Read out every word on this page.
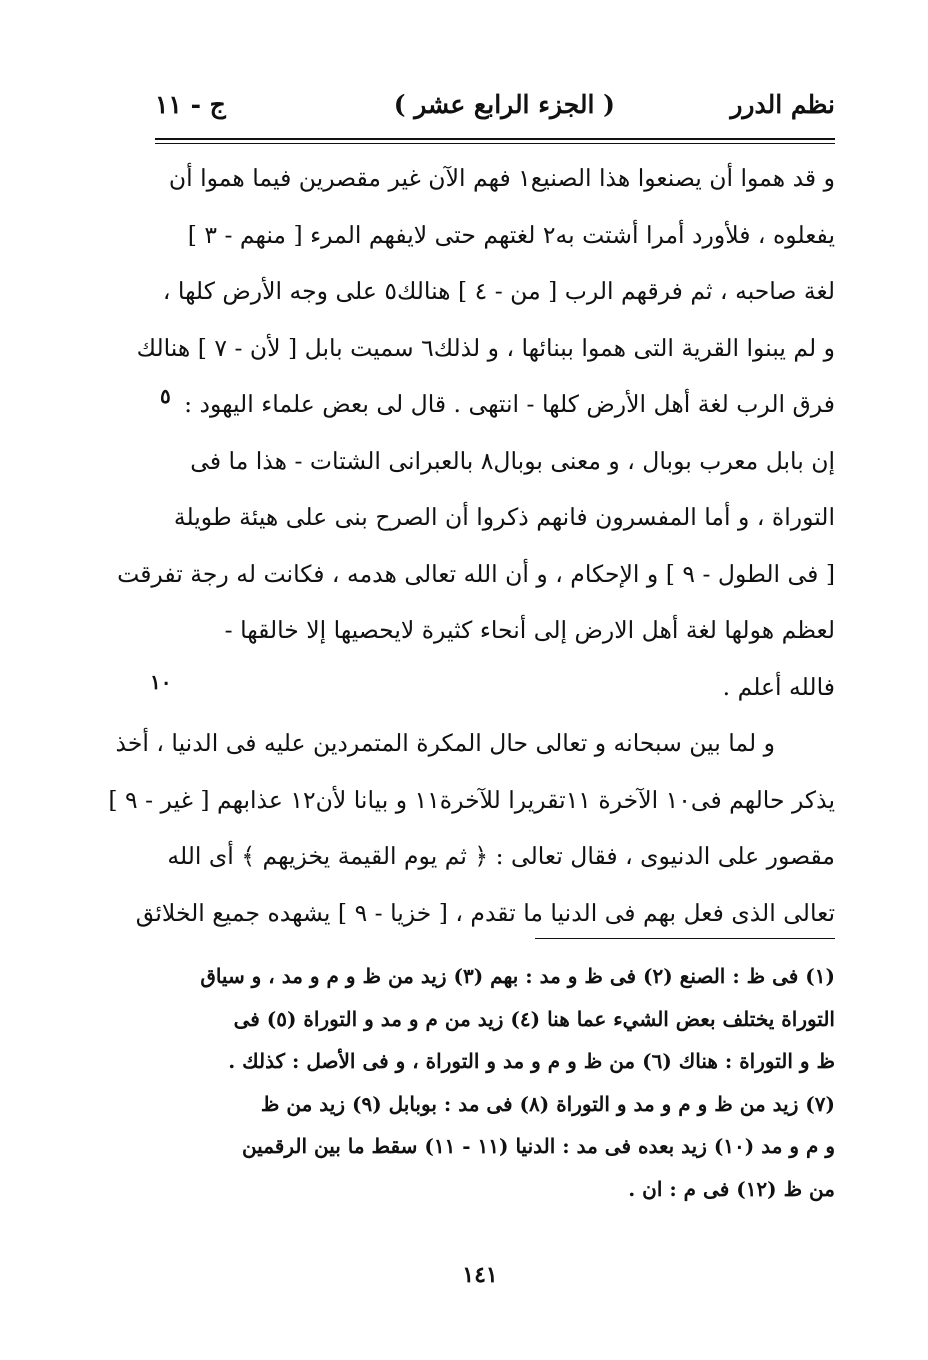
نظم الدرر
( الجزء الرابع عشر )
ج - ١١
و قد هموا أن يصنعوا هذا الصنيع١ فهم الآن غير مقصرين فيما هموا أن
يفعلوه ، فلأورد أمرا أشتت به٢ لغتهم حتى لايفهم المرء [ منهم - ٣ ]
لغة صاحبه ، ثم فرقهم الرب [ من - ٤ ] هنالك٥ على وجه الأرض كلها ،
و لم يبنوا القرية التى هموا ببنائها ، و لذلك٦ سميت بابل [ لأن - ٧ ] هنالك
فرق الرب لغة أهل الأرض كلها - انتهى . قال لى بعض علماء اليهود :
إن بابل معرب بوبال ، و معنى بوبال٨ بالعبرانى الشتات - هذا ما فى
التوراة ، و أما المفسرون فانهم ذكروا أن الصرح بنى على هيئة طويلة
[ فى الطول - ٩ ] و الإحكام ، و أن الله تعالى هدمه ، فكانت له رجة تفرقت
لعظم هولها لغة أهل الارض إلى أنحاء كثيرة لايحصيها إلا خالقها -
فالله أعلم .
و لما بين سبحانه و تعالى حال المكرة المتمردين عليه فى الدنيا ، أخذ
يذكر حالهم فى١٠ الآخرة ١١تقريرا للآخرة١١ و بيانا لأن١٢ عذابهم [ غير - ٩ ]
مقصور على الدنيوى ، فقال تعالى : ﴿ ثم يوم القيمة يخزيهم ﴾ أى الله
تعالى الذى فعل بهم فى الدنيا ما تقدم ، [ خزيا - ٩ ] يشهده جميع الخلائق
٥
١٠
(١) فى ظ : الصنع (٢) فى ظ و مد : بهم (٣) زيد من ظ و م و مد ، و سياق
التوراة يختلف بعض الشيء عما هنا (٤) زيد من م و مد و التوراة (٥) فى
ظ و التوراة : هناك (٦) من ظ و م و مد و التوراة ، و فى الأصل : كذلك .
(٧) زيد من ظ و م و مد و التوراة (٨) فى مد : بوبابل (٩) زيد من ظ
و م و مد (١٠) زيد بعده فى مد : الدنيا (١١ - ١١) سقط ما بين الرقمين
من ظ (١٢) فى م : ان .
١٤١
